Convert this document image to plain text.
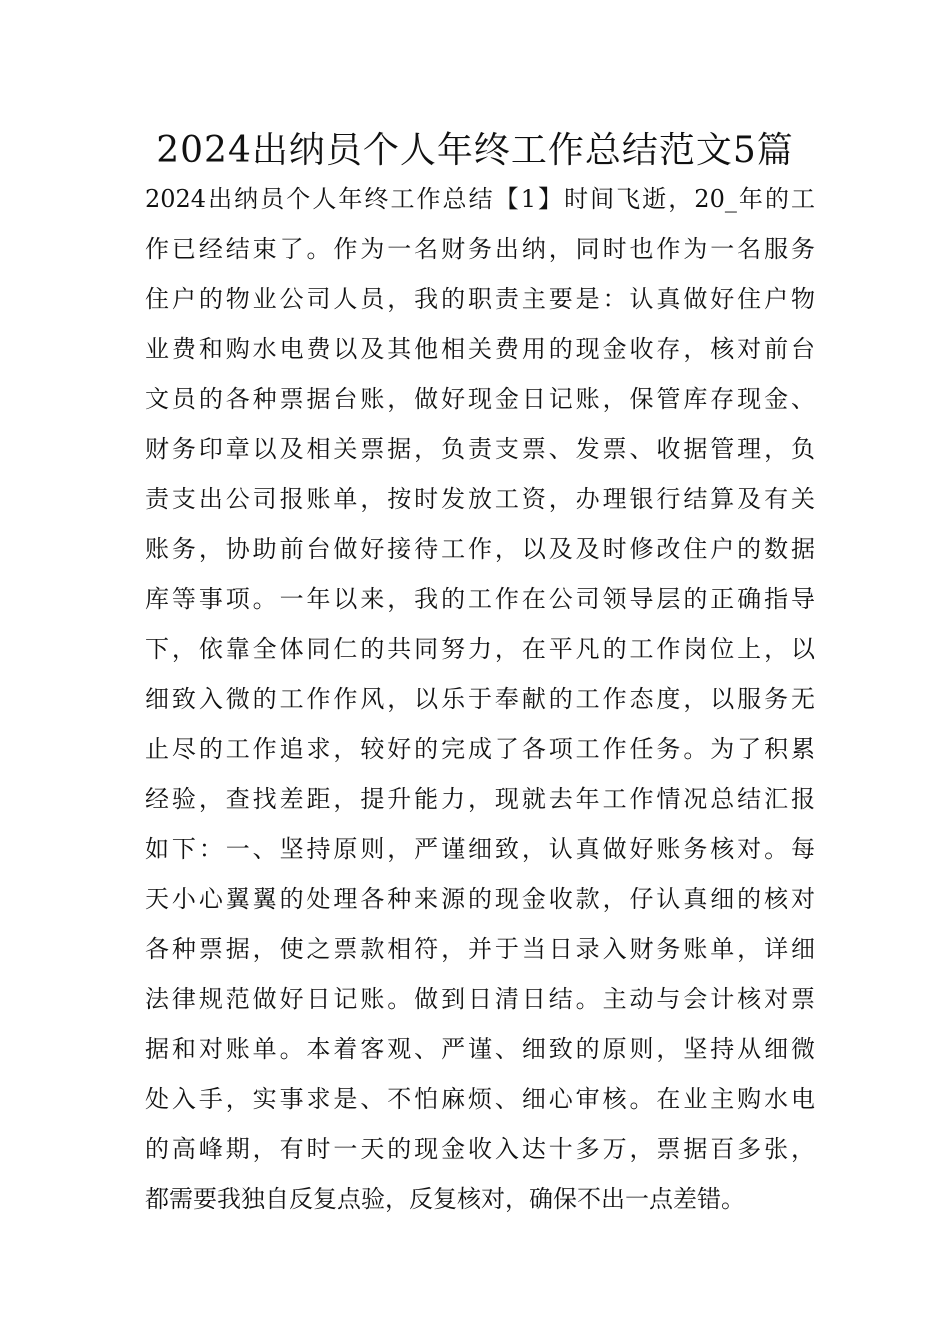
2024出纳员个人年终工作总结范文5篇
2024出纳员个人年终工作总结【1】时间飞逝，20_年的工
作已经结束了。作为一名财务出纳，同时也作为一名服务
住户的物业公司人员，我的职责主要是：认真做好住户物
业费和购水电费以及其他相关费用的现金收存，核对前台
文员的各种票据台账，做好现金日记账，保管库存现金、
财务印章以及相关票据，负责支票、发票、收据管理，负
责支出公司报账单，按时发放工资，办理银行结算及有关
账务，协助前台做好接待工作，以及及时修改住户的数据
库等事项。一年以来，我的工作在公司领导层的正确指导
下，依靠全体同仁的共同努力，在平凡的工作岗位上，以
细致入微的工作作风，以乐于奉献的工作态度，以服务无
止尽的工作追求，较好的完成了各项工作任务。为了积累
经验，查找差距，提升能力，现就去年工作情况总结汇报
如下：一、坚持原则，严谨细致，认真做好账务核对。每
天小心翼翼的处理各种来源的现金收款，仔认真细的核对
各种票据，使之票款相符，并于当日录入财务账单，详细
法律规范做好日记账。做到日清日结。主动与会计核对票
据和对账单。本着客观、严谨、细致的原则，坚持从细微
处入手，实事求是、不怕麻烦、细心审核。在业主购水电
的高峰期，有时一天的现金收入达十多万，票据百多张，
都需要我独自反复点验，反复核对，确保不出一点差错。
